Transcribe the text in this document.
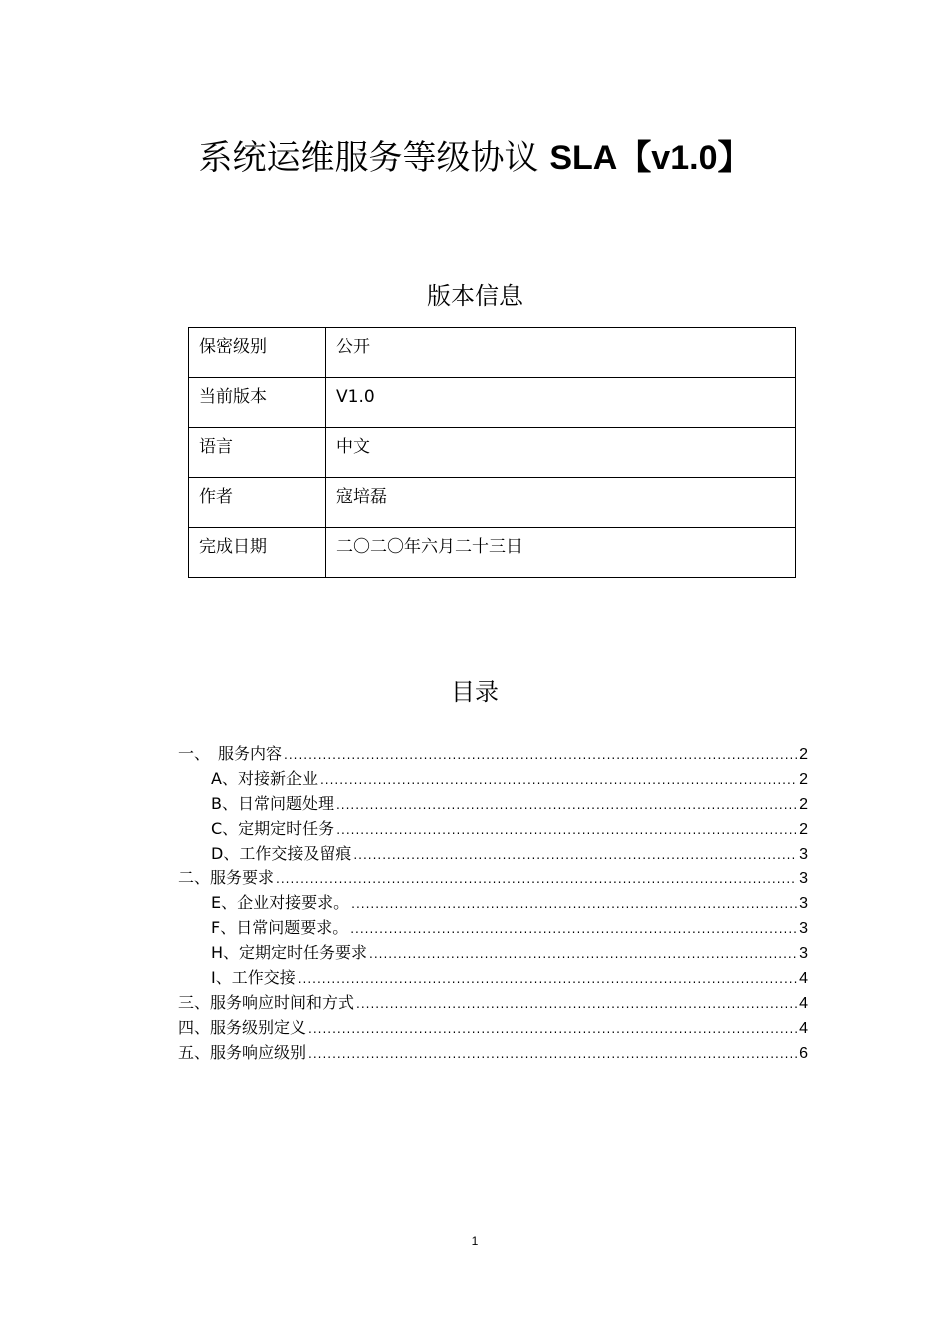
系统运维服务等级协议 SLA【v1.0】
版本信息
保密级别	公开
当前版本	V1.0
语言	中文
作者	寇培磊
完成日期	二〇二〇年六月二十三日
目录
一、　服务内容 .....	2
A、对接新企业 .....	2
B、日常问题处理 .....	2
C、定期定时任务 .....	2
D、工作交接及留痕 .....	3
二、服务要求 .....	3
E、企业对接要求。 .....	3
F、日常问题要求。 .....	3
H、定期定时任务要求 .....	3
I、工作交接 .....	4
三、服务响应时间和方式 .....	4
四、服务级别定义 .....	4
五、服务响应级别 .....	6
1
